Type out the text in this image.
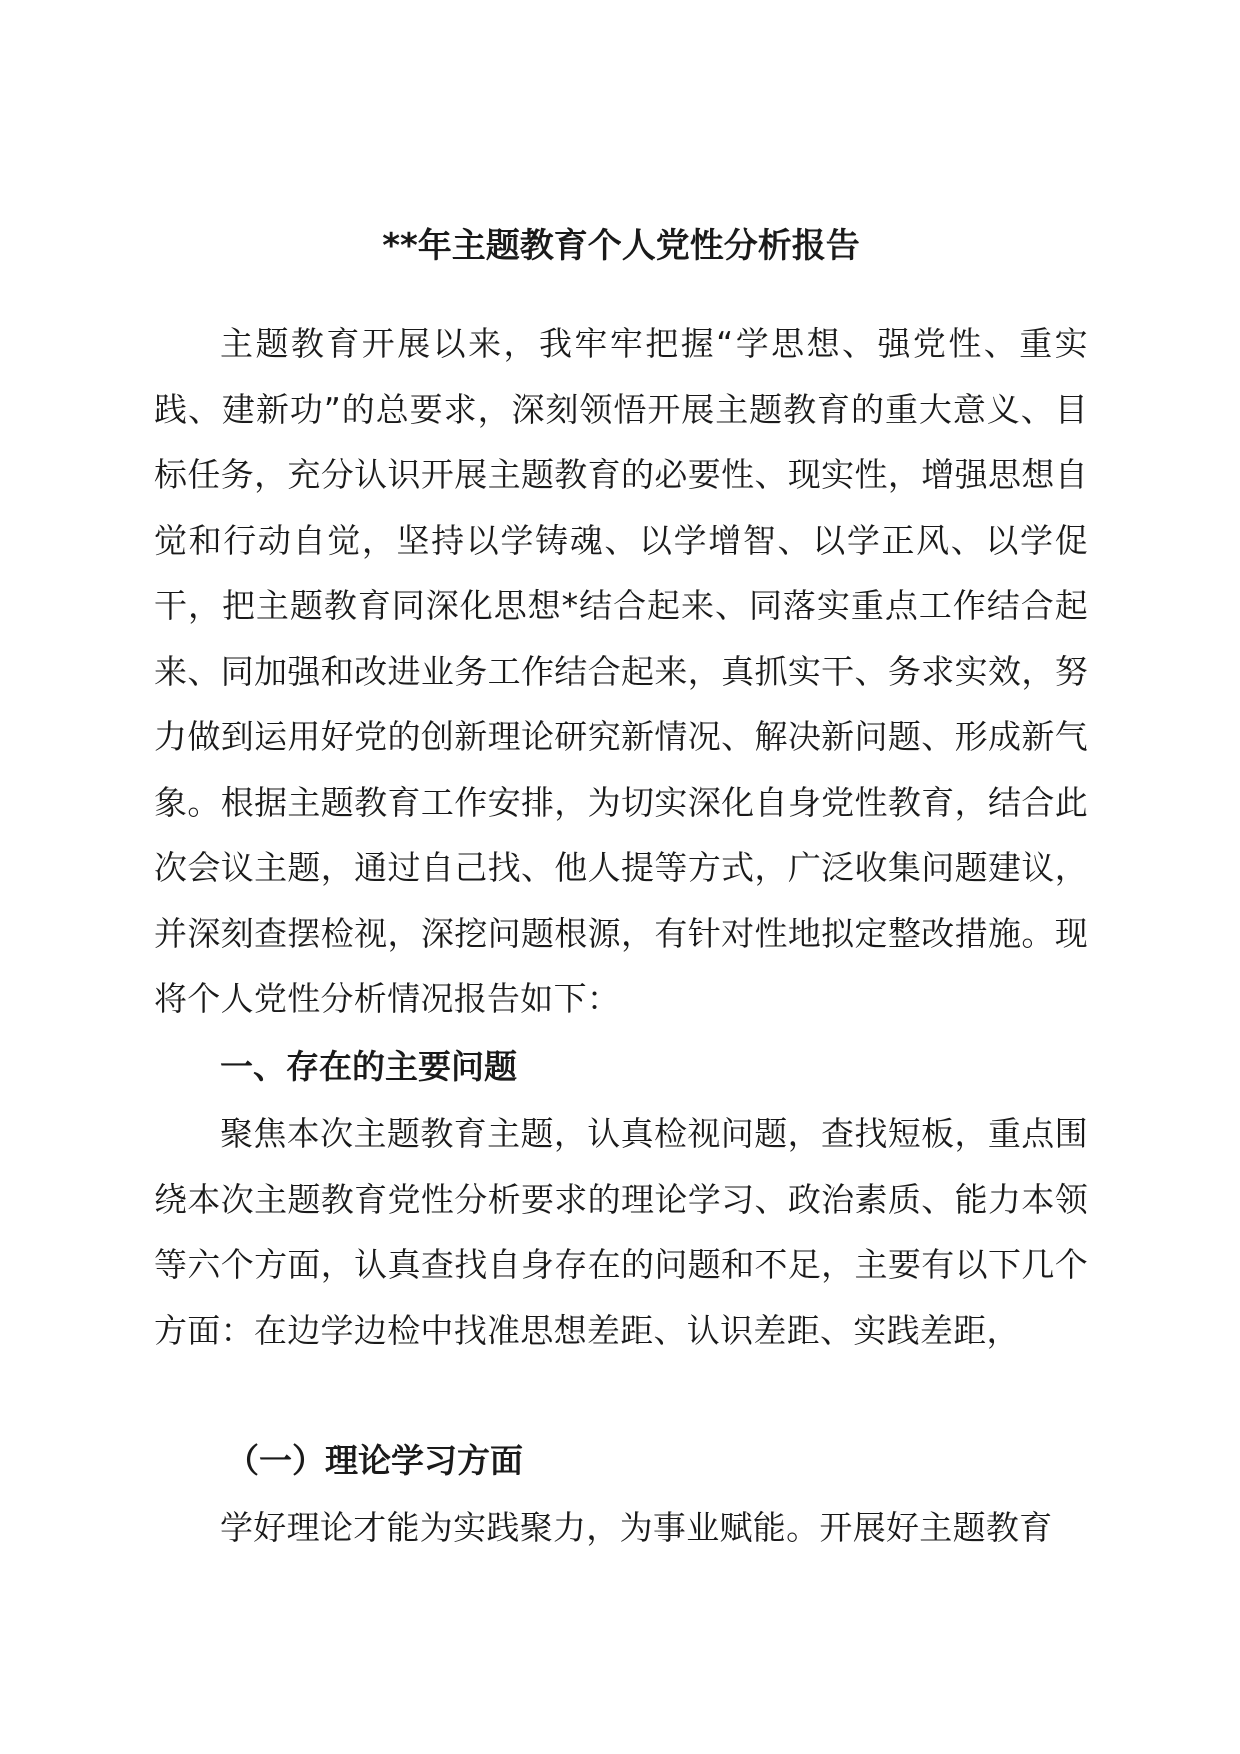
**年主题教育个人党性分析报告

主题教育开展以来，我牢牢把握“学思想、强党性、重实践、建新功”的总要求，深刻领悟开展主题教育的重大意义、目标任务，充分认识开展主题教育的必要性、现实性，增强思想自觉和行动自觉，坚持以学铸魂、以学增智、以学正风、以学促干，把主题教育同深化思想*结合起来、同落实重点工作结合起来、同加强和改进业务工作结合起来，真抓实干、务求实效，努力做到运用好党的创新理论研究新情况、解决新问题、形成新气象。根据主题教育工作安排，为切实深化自身党性教育，结合此次会议主题，通过自己找、他人提等方式，广泛收集问题建议，并深刻查摆检视，深挖问题根源，有针对性地拟定整改措施。现将个人党性分析情况报告如下：

一、存在的主要问题

聚焦本次主题教育主题，认真检视问题，查找短板，重点围绕本次主题教育党性分析要求的理论学习、政治素质、能力本领等六个方面，认真查找自身存在的问题和不足，主要有以下几个方面：在边学边检中找准思想差距、认识差距、实践差距，

（一）理论学习方面

学好理论才能为实践聚力，为事业赋能。开展好主题教育
